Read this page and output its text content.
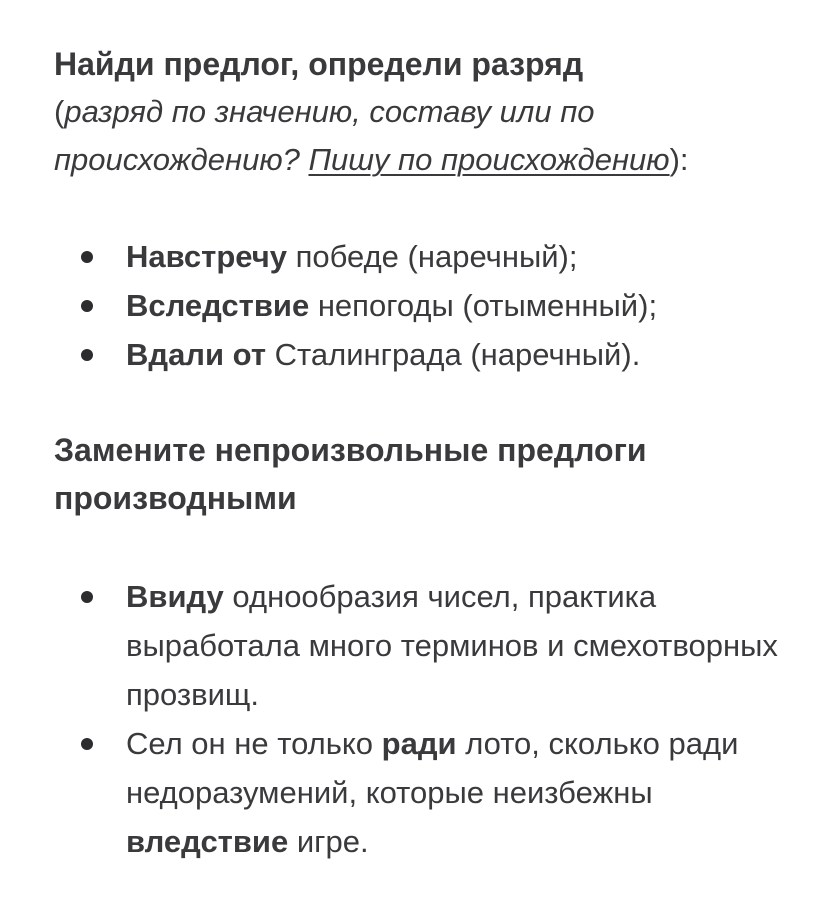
Найди предлог, определи разряд

(разряд по значению, составу или по происхождению? Пишу по происхождению):

Навстречу победе (наречный);
Вследствие непогоды (отыменный);
Вдали от Сталинграда (наречный).

Замените непроизвольные предлоги производными

Ввиду однообразия чисел, практика выработала много терминов и смехотворных прозвищ.
Сел он не только ради лото, сколько ради недоразумений, которые неизбежны вледствие игре.
